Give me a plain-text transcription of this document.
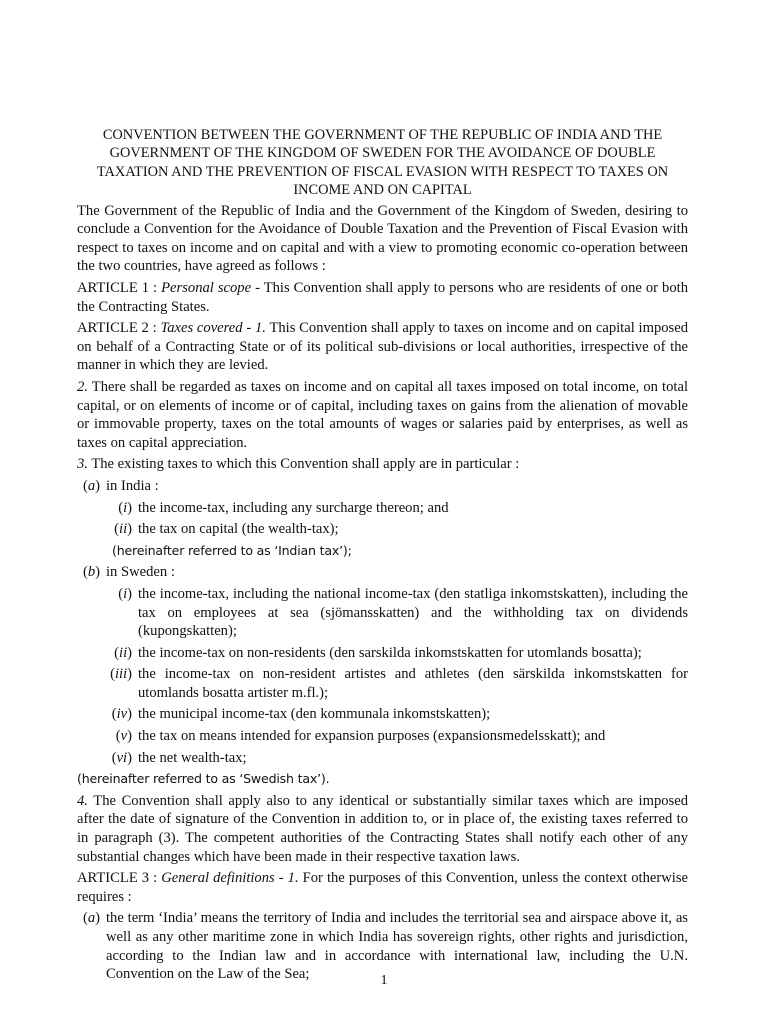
CONVENTION BETWEEN THE GOVERNMENT OF THE REPUBLIC OF INDIA AND THE GOVERNMENT OF THE KINGDOM OF SWEDEN FOR THE AVOIDANCE OF DOUBLE TAXATION AND THE PREVENTION OF FISCAL EVASION WITH RESPECT TO TAXES ON INCOME AND ON CAPITAL

The Government of the Republic of India and the Government of the Kingdom of Sweden, desiring to conclude a Convention for the Avoidance of Double Taxation and the Prevention of Fiscal Evasion with respect to taxes on income and on capital and with a view to promoting economic co-operation between the two countries, have agreed as follows :

ARTICLE 1 : Personal scope - This Convention shall apply to persons who are residents of one or both the Contracting States.

ARTICLE 2 : Taxes covered - 1. This Convention shall apply to taxes on income and on capital imposed on behalf of a Contracting State or of its political sub-divisions or local authorities, irrespective of the manner in which they are levied.

2. There shall be regarded as taxes on income and on capital all taxes imposed on total income, on total capital, or on elements of income or of capital, including taxes on gains from the alienation of movable or immovable property, taxes on the total amounts of wages or salaries paid by enterprises, as well as taxes on capital appreciation.

3. The existing taxes to which this Convention shall apply are in particular :

(a) in India :
(i) the income-tax, including any surcharge thereon; and
(ii) the tax on capital (the wealth-tax);
(hereinafter referred to as ‘Indian tax’);
(b) in Sweden :
(i) the income-tax, including the national income-tax (den statliga inkomstskatten), including the tax on employees at sea (sjömansskatten) and the withholding tax on dividends (kupongskatten);
(ii) the income-tax on non-residents (den sarskilda inkomstskatten for utomlands bosatta);
(iii) the income-tax on non-resident artistes and athletes (den särskilda inkomstskatten for utomlands bosatta artister m.fl.);
(iv) the municipal income-tax (den kommunala inkomstskatten);
(v) the tax on means intended for expansion purposes (expansionsmedelsskatt); and
(vi) the net wealth-tax;
(hereinafter referred to as ‘Swedish tax’).

4. The Convention shall apply also to any identical or substantially similar taxes which are imposed after the date of signature of the Convention in addition to, or in place of, the existing taxes referred to in paragraph (3). The competent authorities of the Contracting States shall notify each other of any substantial changes which have been made in their respective taxation laws.

ARTICLE 3 : General definitions - 1. For the purposes of this Convention, unless the context otherwise requires :

(a) the term ‘India’ means the territory of India and includes the territorial sea and airspace above it, as well as any other maritime zone in which India has sovereign rights, other rights and jurisdiction, according to the Indian law and in accordance with international law, including the U.N. Convention on the Law of the Sea;	1
